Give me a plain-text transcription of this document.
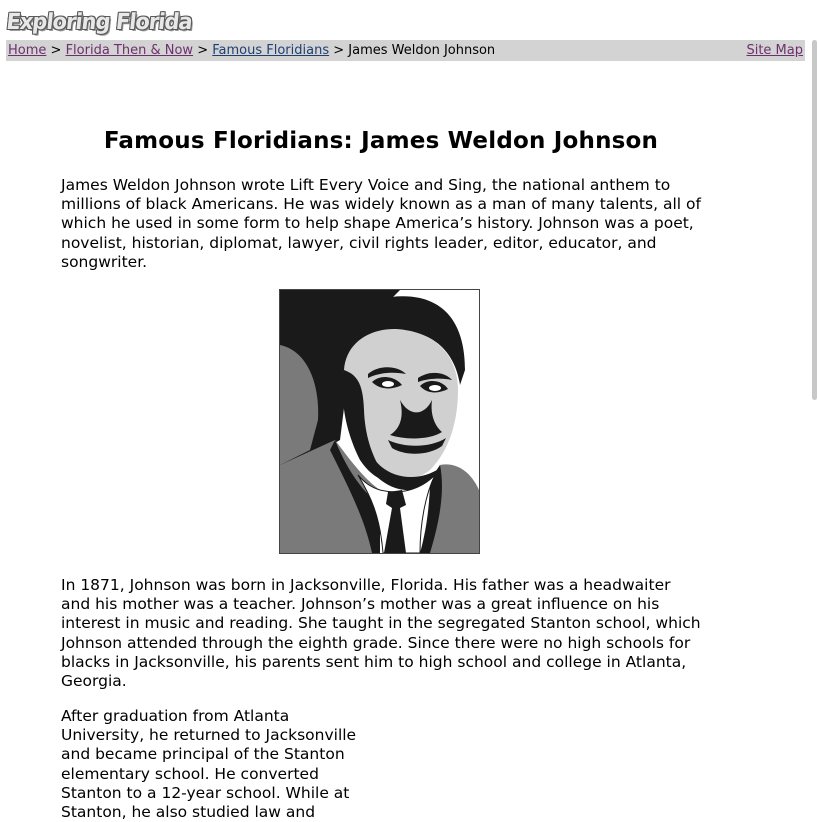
Exploring Florida
Home > Florida Then & Now > Famous Floridians > James Weldon Johnson	Site Map
Famous Floridians: James Weldon Johnson

James Weldon Johnson wrote Lift Every Voice and Sing, the national anthem to millions of black Americans. He was widely known as a man of many talents, all of which he used in some form to help shape America’s history. Johnson was a poet, novelist, historian, diplomat, lawyer, civil rights leader, editor, educator, and songwriter.

In 1871, Johnson was born in Jacksonville, Florida. His father was a headwaiter and his mother was a teacher. Johnson’s mother was a great influence on his interest in music and reading. She taught in the segregated Stanton school, which Johnson attended through the eighth grade. Since there were no high schools for blacks in Jacksonville, his parents sent him to high school and college in Atlanta, Georgia.

After graduation from Atlanta University, he returned to Jacksonville and became principal of the Stanton elementary school. He converted Stanton to a 12-year school. While at Stanton, he also studied law and
